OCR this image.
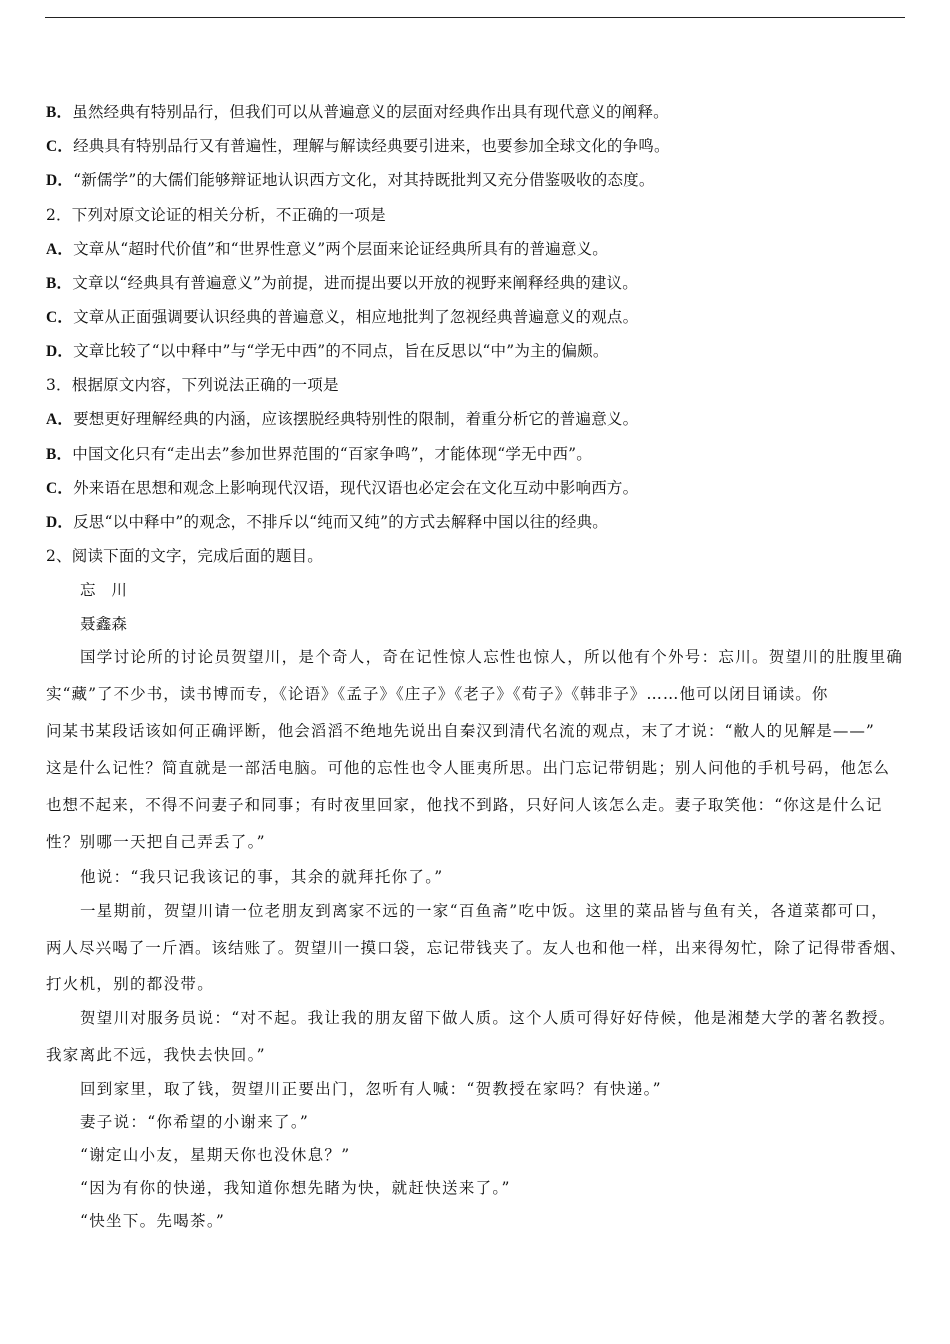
B．虽然经典有特别品行，但我们可以从普遍意义的层面对经典作出具有现代意义的阐释。
C．经典具有特别品行又有普遍性，理解与解读经典要引进来，也要参加全球文化的争鸣。
D．“新儒学”的大儒们能够辩证地认识西方文化，对其持既批判又充分借鉴吸收的态度。
2．下列对原文论证的相关分析，不正确的一项是
A．文章从“超时代价值”和“世界性意义”两个层面来论证经典所具有的普遍意义。
B．文章以“经典具有普遍意义”为前提，进而提出要以开放的视野来阐释经典的建议。
C．文章从正面强调要认识经典的普遍意义，相应地批判了忽视经典普遍意义的观点。
D．文章比较了“以中释中”与“学无中西”的不同点，旨在反思以“中”为主的偏颇。
3．根据原文内容，下列说法正确的一项是
A．要想更好理解经典的内涵，应该摆脱经典特别性的限制，着重分析它的普遍意义。
B．中国文化只有“走出去”参加世界范围的“百家争鸣”，才能体现“学无中西”。
C．外来语在思想和观念上影响现代汉语，现代汉语也必定会在文化互动中影响西方。
D．反思“以中释中”的观念，不排斥以“纯而又纯”的方式去解释中国以往的经典。
2、阅读下面的文字，完成后面的题目。
忘　川
聂鑫森
国学讨论所的讨论员贺望川，是个奇人，奇在记性惊人忘性也惊人，所以他有个外号：忘川。贺望川的肚腹里确
实“藏”了不少书，读书博而专，《论语》《孟子》《庄子》《老子》《荀子》《韩非子》……他可以闭目诵读。你
问某书某段话该如何正确评断，他会滔滔不绝地先说出自秦汉到清代名流的观点，末了才说：“敝人的见解是——”
这是什么记性？简直就是一部活电脑。可他的忘性也令人匪夷所思。出门忘记带钥匙；别人问他的手机号码，他怎么
也想不起来，不得不问妻子和同事；有时夜里回家，他找不到路，只好问人该怎么走。妻子取笑他：“你这是什么记
性？别哪一天把自己弄丢了。”
他说：“我只记我该记的事，其余的就拜托你了。”
一星期前，贺望川请一位老朋友到离家不远的一家“百鱼斋”吃中饭。这里的菜品皆与鱼有关，各道菜都可口，
两人尽兴喝了一斤酒。该结账了。贺望川一摸口袋，忘记带钱夹了。友人也和他一样，出来得匆忙，除了记得带香烟、
打火机，别的都没带。
贺望川对服务员说：“对不起。我让我的朋友留下做人质。这个人质可得好好侍候，他是湘楚大学的著名教授。
我家离此不远，我快去快回。”
回到家里，取了钱，贺望川正要出门，忽听有人喊：“贺教授在家吗？有快递。”
妻子说：“你希望的小谢来了。”
“谢定山小友，星期天你也没休息？”
“因为有你的快递，我知道你想先睹为快，就赶快送来了。”
“快坐下。先喝茶。”
